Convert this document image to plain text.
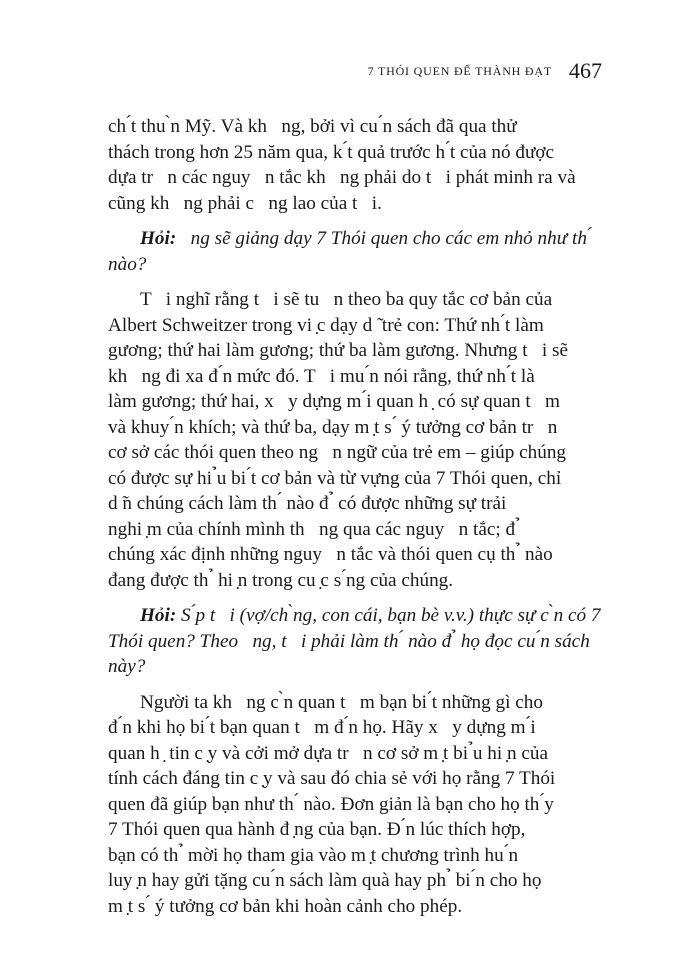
7 THÓI QUEN ĐỂ THÀNH ĐẠT 467

ch ́t thu ̀n Mỹ. Và kh   ng, bởi vì cu ́n sách đã qua thử
thách trong hơn 25 năm qua, k ́t quả trước h ́t của nó được
dựa tr   n các nguy   n tắc kh   ng phải do t   i phát minh ra và
cũng kh   ng phải c   ng lao của t   i.

Hỏi:   ng sẽ giảng dạy 7 Thói quen cho các em nhỏ như th ́
nào?

T   i nghĩ rằng t   i sẽ tu   n theo ba quy tắc cơ bản của
Albert Schweitzer trong vi ̣c dạy d ̃ trẻ con: Thứ nh ́t làm
gương; thứ hai làm gương; thứ ba làm gương. Nhưng t   i sẽ
kh   ng đi xa đ ́n mức đó. T   i mu ́n nói rằng, thứ nh ́t là
làm gương; thứ hai, x   y dựng m ́i quan h ̣ có sự quan t   m
và khuy ́n khích; và thứ ba, dạy m ̣t s ́ ý tưởng cơ bản tr   n
cơ sở các thói quen theo ng   n ngữ của trẻ em – giúp chúng
có được sự hi ̉u bi ́t cơ bản và từ vựng của 7 Thói quen, chỉ
d ̃n chúng cách làm th ́ nào đ ̉ có được những sự trải
nghi ̣m của chính mình th   ng qua các nguy   n tắc; đ ̉
chúng xác định những nguy   n tắc và thói quen cụ th ̉ nào
đang được th ̉ hi ̣n trong cu ̣c s ́ng của chúng.

Hỏi: S ́p t   i (vợ/ch ̀ng, con cái, bạn bè v.v.) thực sự c ̀n có 7
Thói quen? Theo   ng, t   i phải làm th ́ nào đ ̉ họ đọc cu ́n sách
này?

Người ta kh   ng c ̀n quan t   m bạn bi ́t những gì cho
đ ́n khi họ bi ́t bạn quan t   m đ ́n họ. Hãy x   y dựng m ́i
quan h ̣ tin c ̣y và cởi mở dựa tr   n cơ sở m ̣t bi ̉u hi ̣n của
tính cách đáng tin c ̣y và sau đó chia sẻ với họ rằng 7 Thói
quen đã giúp bạn như th ́ nào. Đơn giản là bạn cho họ th ́y
7 Thói quen qua hành đ ̣ng của bạn. Đ ́n lúc thích hợp,
bạn có th ̉ mời họ tham gia vào m ̣t chương trình hu ́n
luy ̣n hay gửi tặng cu ́n sách làm quà hay ph ̉ bi ́n cho họ
m ̣t s ́ ý tưởng cơ bản khi hoàn cảnh cho phép.
